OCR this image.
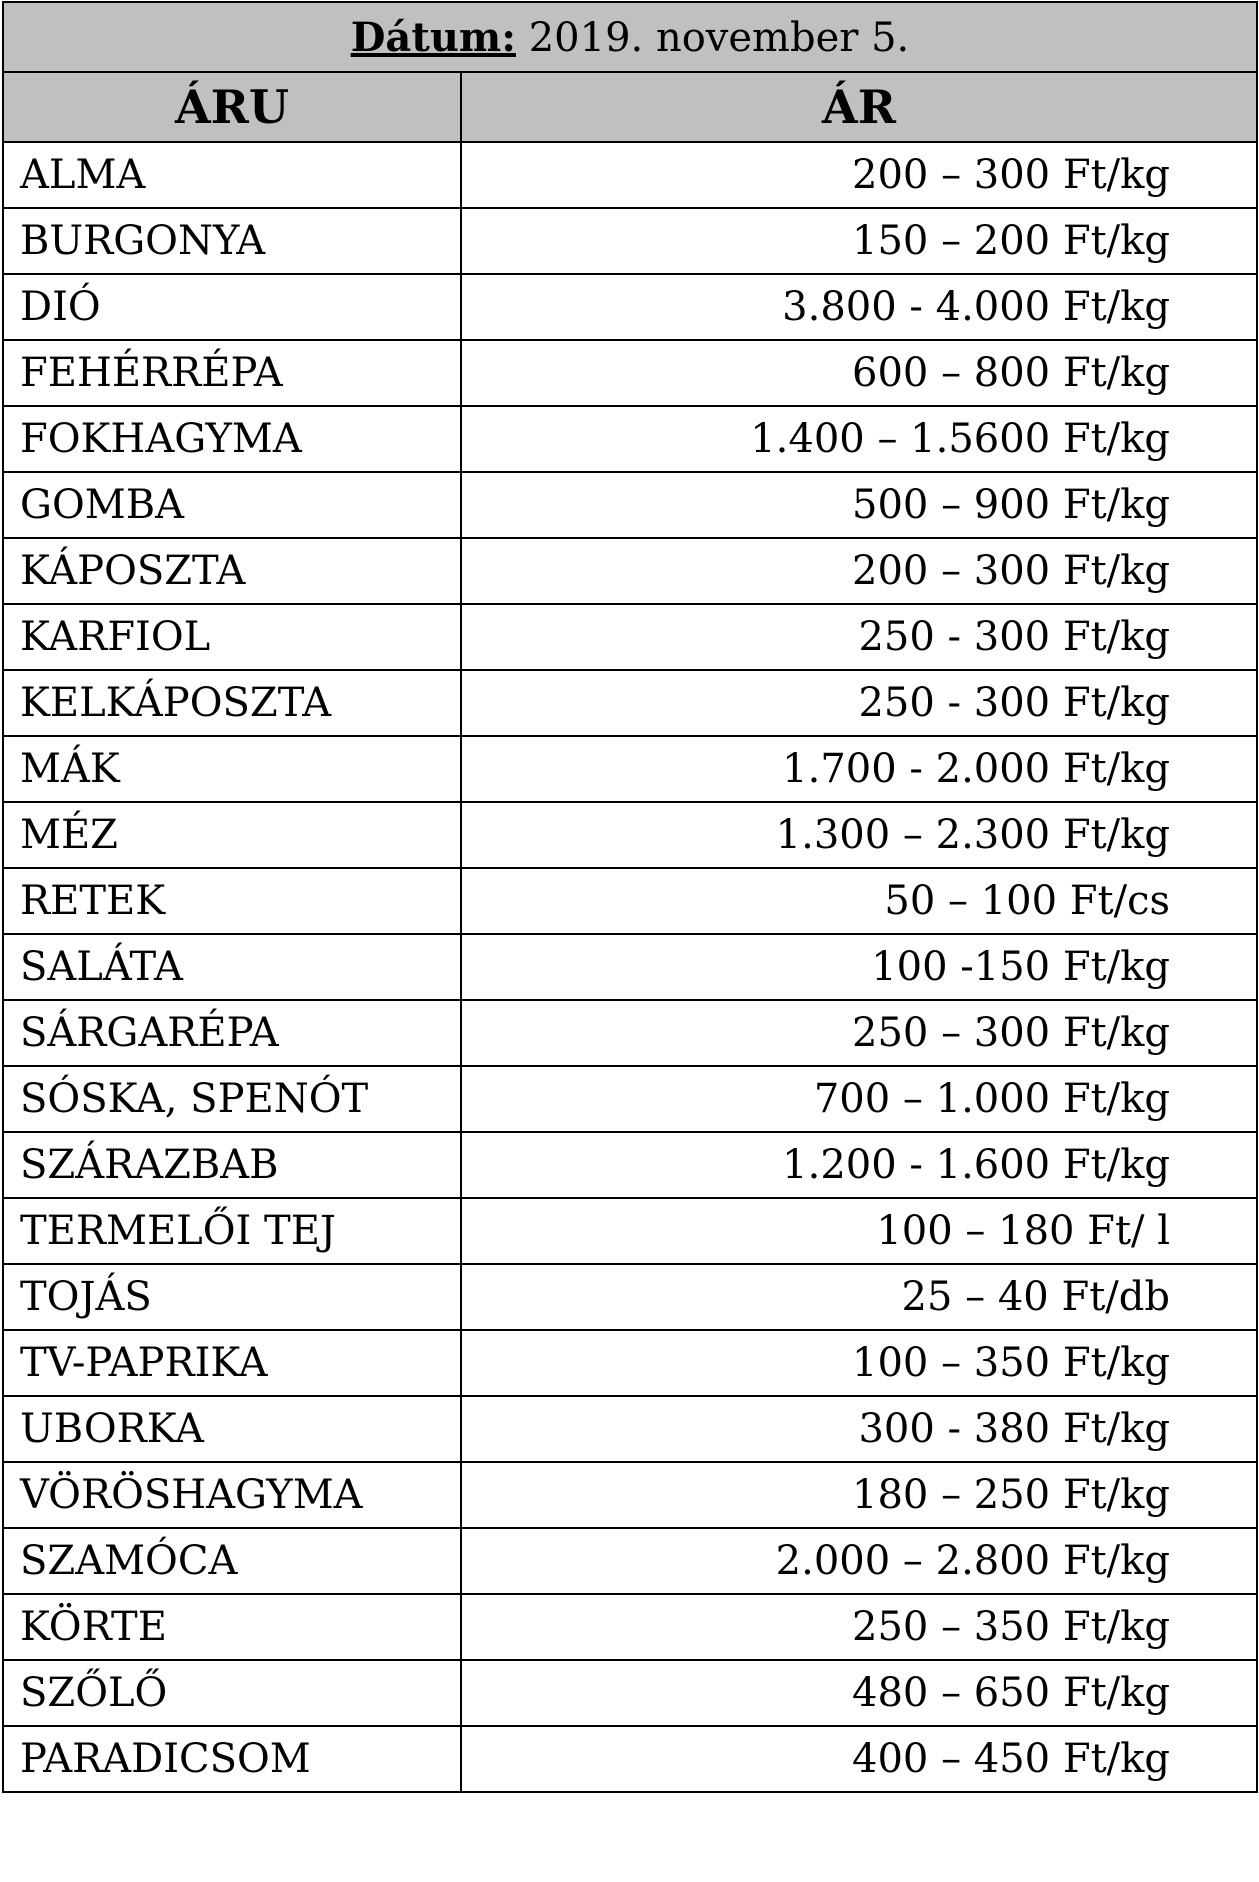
Dátum: 2019. november 5.	
ÁRU	ÁR
ALMA	200 – 300 Ft/kg
BURGONYA	150 – 200 Ft/kg
DIÓ	3.800 - 4.000 Ft/kg
FEHÉRRÉPA	600 – 800 Ft/kg
FOKHAGYMA	1.400 – 1.5600 Ft/kg
GOMBA	500 – 900 Ft/kg
KÁPOSZTA	200 – 300 Ft/kg
KARFIOL	250 - 300 Ft/kg
KELKÁPOSZTA	250 - 300 Ft/kg
MÁK	1.700 - 2.000 Ft/kg
MÉZ	1.300 – 2.300 Ft/kg
RETEK	50 – 100 Ft/cs
SALÁTA	100 -150 Ft/kg
SÁRGARÉPA	250 – 300 Ft/kg
SÓSKA, SPENÓT	700 – 1.000 Ft/kg
SZÁRAZBAB	1.200 - 1.600 Ft/kg
TERMELŐI TEJ	100 – 180 Ft/ l
TOJÁS	25 – 40 Ft/db
TV-PAPRIKA	100 – 350 Ft/kg
UBORKA	300 - 380 Ft/kg
VÖRÖSHAGYMA	180 – 250 Ft/kg
SZAMÓCA	2.000 – 2.800 Ft/kg
KÖRTE	250 – 350 Ft/kg
SZŐLŐ	480 – 650 Ft/kg
PARADICSOM	400 – 450 Ft/kg
